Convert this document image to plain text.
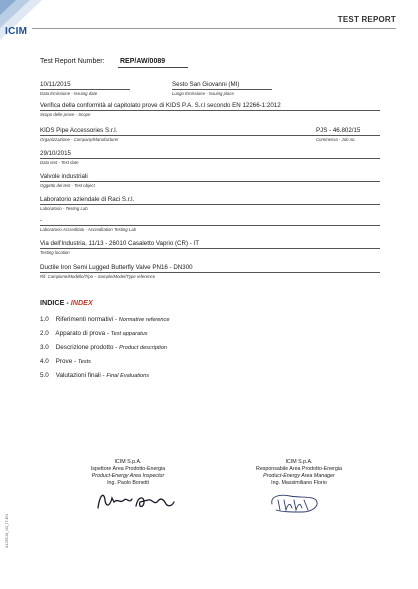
ICIM
TEST REPORT
Test Report Number: REP/AW/0089
10/11/2015
Data Emissione - Issuing date
Sesto San Giovanni (MI)
Luogo Emissione - Issuing place
Verifica della conformità al capitolato prove di KIDS P.A. S.r.l secondo EN 12266-1:2012
Scopo delle prove - Scope
KIDS Pipe Accessories S.r.l.
Organizzazione - Company/Manufacturer
PJS - 46.802/15
Commessa - Job no.
29/10/2015
Data test - Test date
Valvole industriali
Oggetto del test - Test object
Laboratorio aziendale di Raci S.r.l.
Laboratorio - Testing Lab
-
Laboratorio Accreditato - Accreditation Testing Lab
Via dell'Industria, 11/13 - 26010 Casaletto Vaprio (CR) - IT
Testing location
Ductile Iron Semi Lugged Butterfly Valve PN16 - DN300
Rif. Campione/Modello/Tipo – Sample/Model/Type reference
INDICE - INDEX
1.0 Riferimenti normativi - Normative reference
2.0 Apparato di prova - Test apparatus
3.0 Descrizione prodotto - Product description
4.0 Prove - Tests
5.0 Valutazioni finali - Final Evaluations
ICIM S.p.A.
Ispettore Area Prodotto-Energia
Product-Energy Area Inspector
Ing. Paolo Bonetti
ICIM S.p.A.
Responsabile Area Prodotto-Energia
Product-Energy Area Manager
Ing. Massimiliano Florio
0125CM_00_IT-EN
